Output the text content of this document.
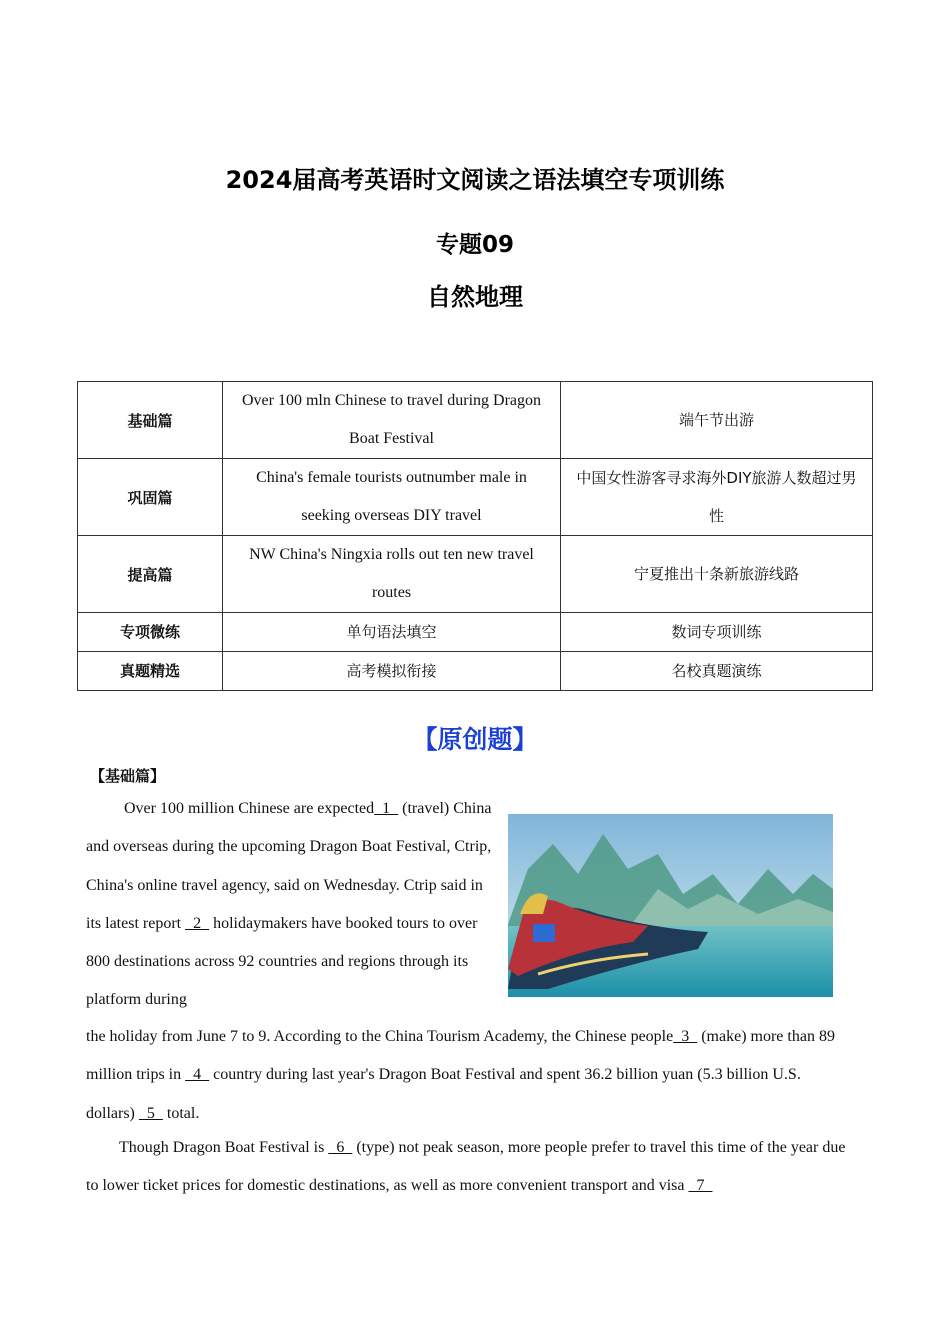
2024届高考英语时文阅读之语法填空专项训练
专题09
自然地理
基础篇	Over 100 mln Chinese to travel during Dragon Boat Festival	端午节出游
巩固篇	China's female tourists outnumber male in seeking overseas DIY travel	中国女性游客寻求海外DIY旅游人数超过男性
提高篇	NW China's Ningxia rolls out ten new travel routes	宁夏推出十条新旅游线路
专项微练	单句语法填空	数词专项训练
真题精选	高考模拟衔接	名校真题演练
【原创题】
【基础篇】

Over 100 million Chinese are expected  1   (travel) China and overseas during the upcoming Dragon Boat Festival, Ctrip, China's online travel agency, said on Wednesday. Ctrip said in its latest report   2   holidaymakers have booked tours to over 800 destinations across 92 countries and regions through its platform during

the holiday from June 7 to 9. According to the China Tourism Academy, the Chinese people  3   (make) more than 89 million trips in   4   country during last year's Dragon Boat Festival and spent 36.2 billion yuan (5.3 billion U.S. dollars)   5   total.

Though Dragon Boat Festival is   6   (type) not peak season, more people prefer to travel this time of the year due to lower ticket prices for domestic destinations, as well as more convenient transport and visa   7
